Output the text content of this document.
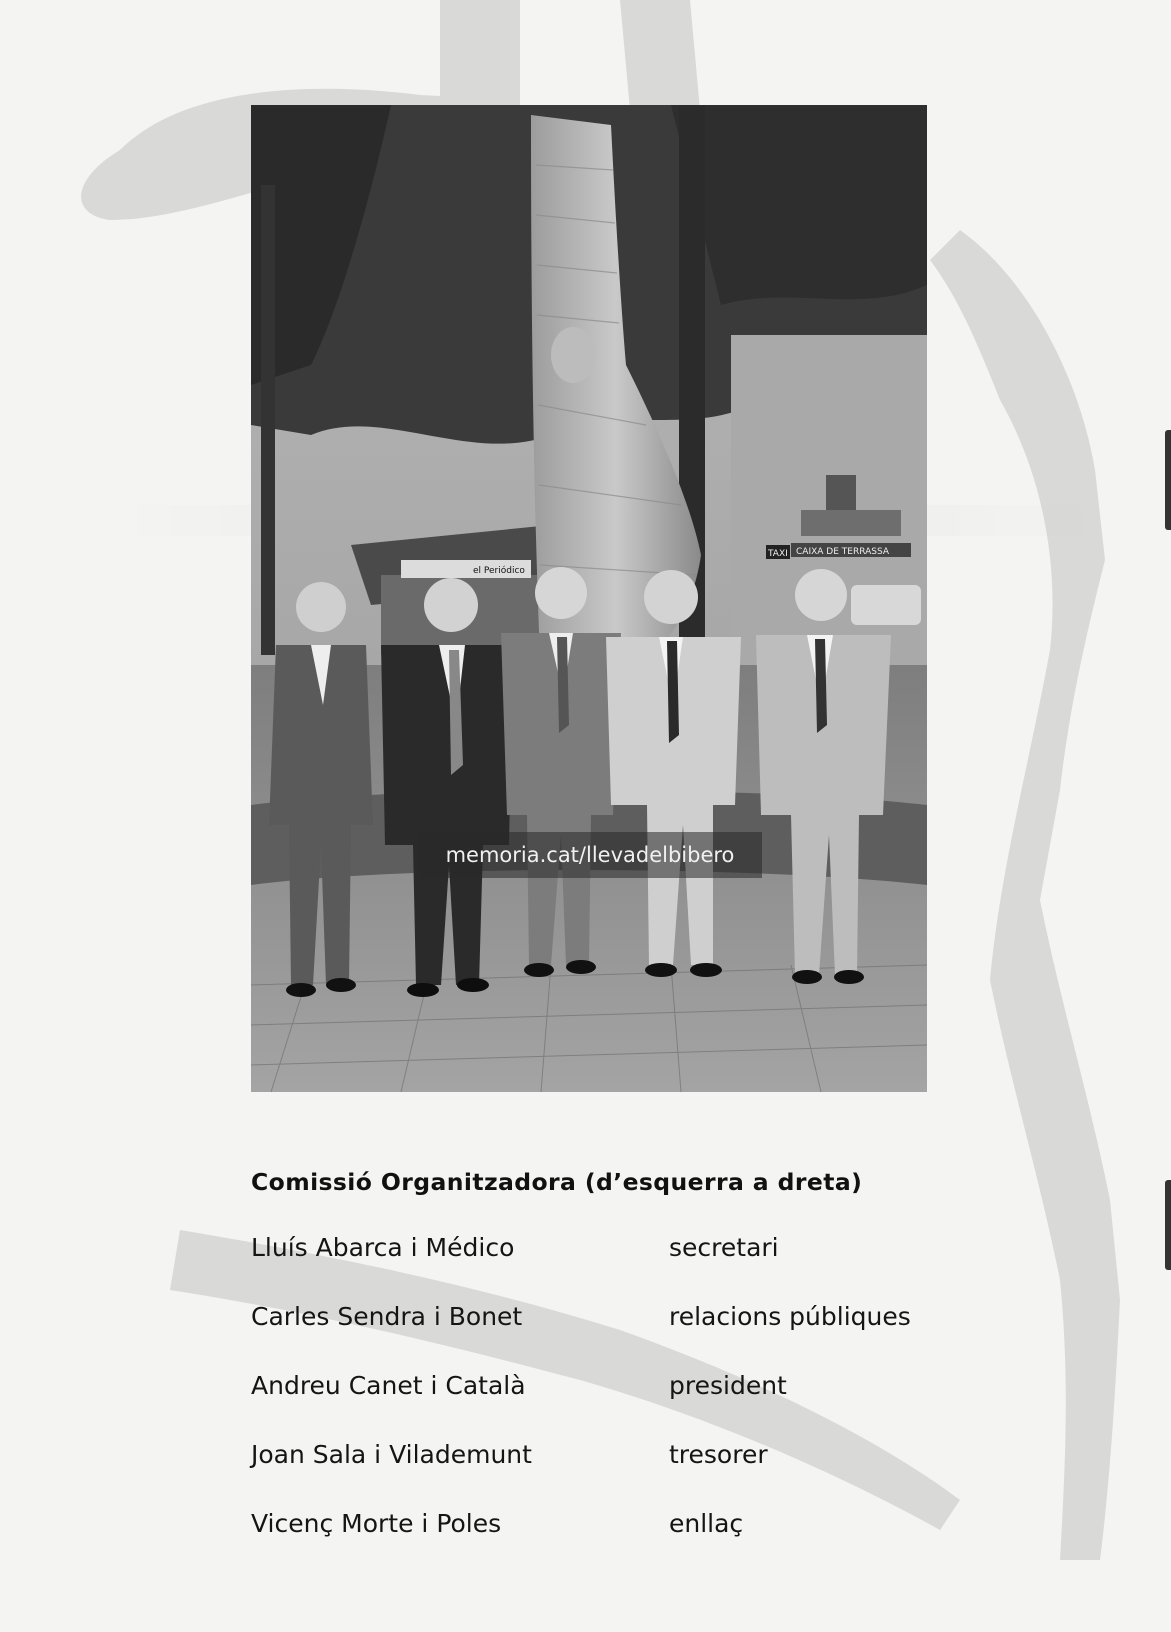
CAIXA DE TERRASSA
TAXI
el Periódico
memoria.cat/llevadelbibero
Comissió Organitzadora (d’esquerra a dreta)
Lluís Abarca i Médico	secretari
Carles Sendra i Bonet	relacions públiques
Andreu Canet i Català	president
Joan Sala i Vilademunt	tresorer
Vicenç Morte i Poles	enllaç
